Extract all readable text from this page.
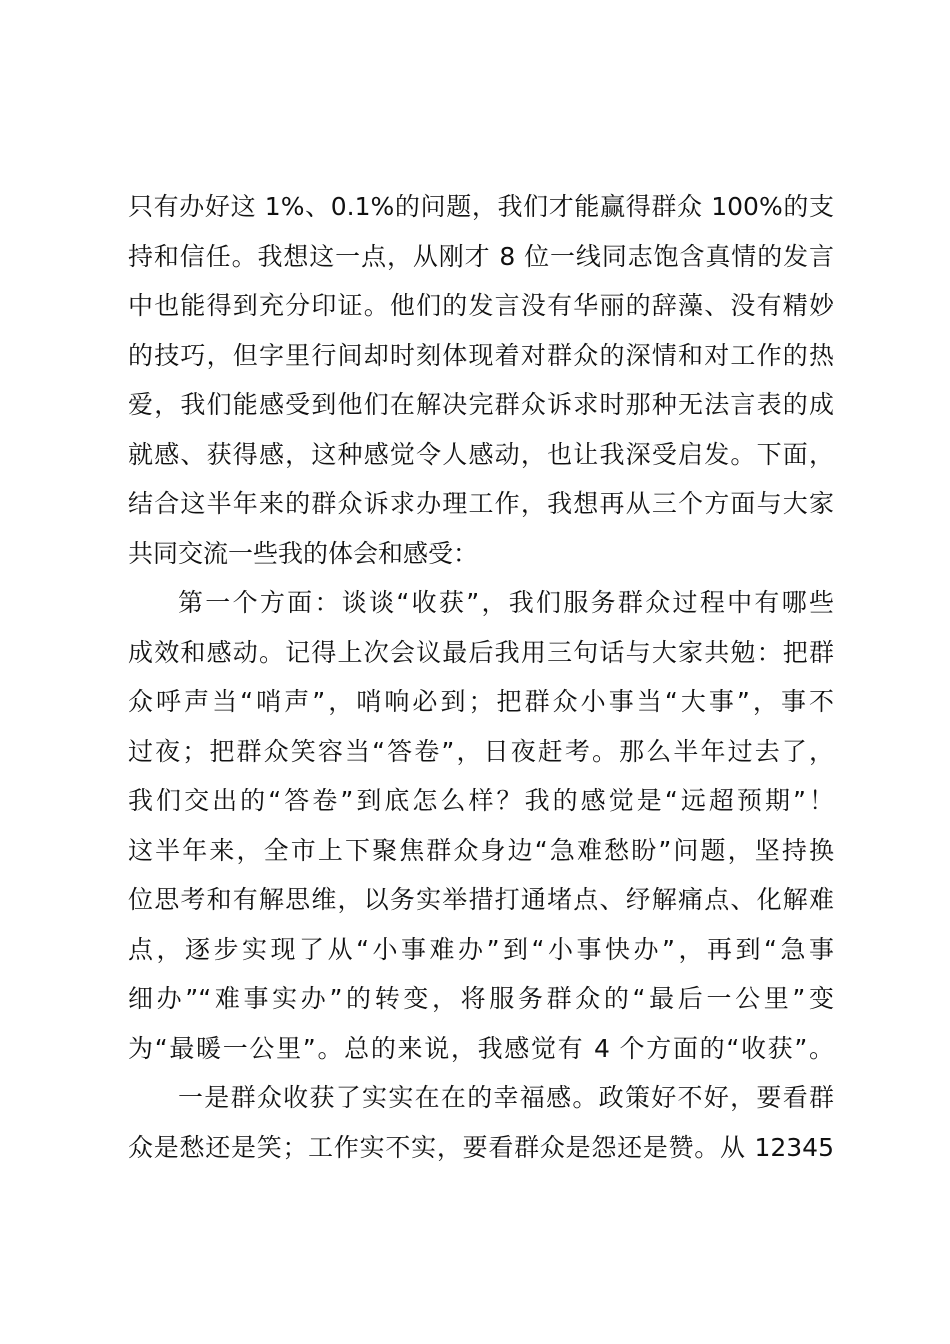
只有办好这 1%、0.1%的问题，我们才能赢得群众 100%的支
持和信任。我想这一点，从刚才 8 位一线同志饱含真情的发言
中也能得到充分印证。他们的发言没有华丽的辞藻、没有精妙
的技巧，但字里行间却时刻体现着对群众的深情和对工作的热
爱，我们能感受到他们在解决完群众诉求时那种无法言表的成
就感、获得感，这种感觉令人感动，也让我深受启发。下面，
结合这半年来的群众诉求办理工作，我想再从三个方面与大家
共同交流一些我的体会和感受：
第一个方面：谈谈“收获”，我们服务群众过程中有哪些
成效和感动。记得上次会议最后我用三句话与大家共勉：把群
众呼声当“哨声”，哨响必到；把群众小事当“大事”，事不
过夜；把群众笑容当“答卷”，日夜赶考。那么半年过去了，
我们交出的“答卷”到底怎么样？我的感觉是“远超预期”！
这半年来，全市上下聚焦群众身边“急难愁盼”问题，坚持换
位思考和有解思维，以务实举措打通堵点、纾解痛点、化解难
点，逐步实现了从“小事难办”到“小事快办”，再到“急事
细办”“难事实办”的转变，将服务群众的“最后一公里”变
为“最暖一公里”。总的来说，我感觉有 4 个方面的“收获”。
一是群众收获了实实在在的幸福感。政策好不好，要看群
众是愁还是笑；工作实不实，要看群众是怨还是赞。从 12345
